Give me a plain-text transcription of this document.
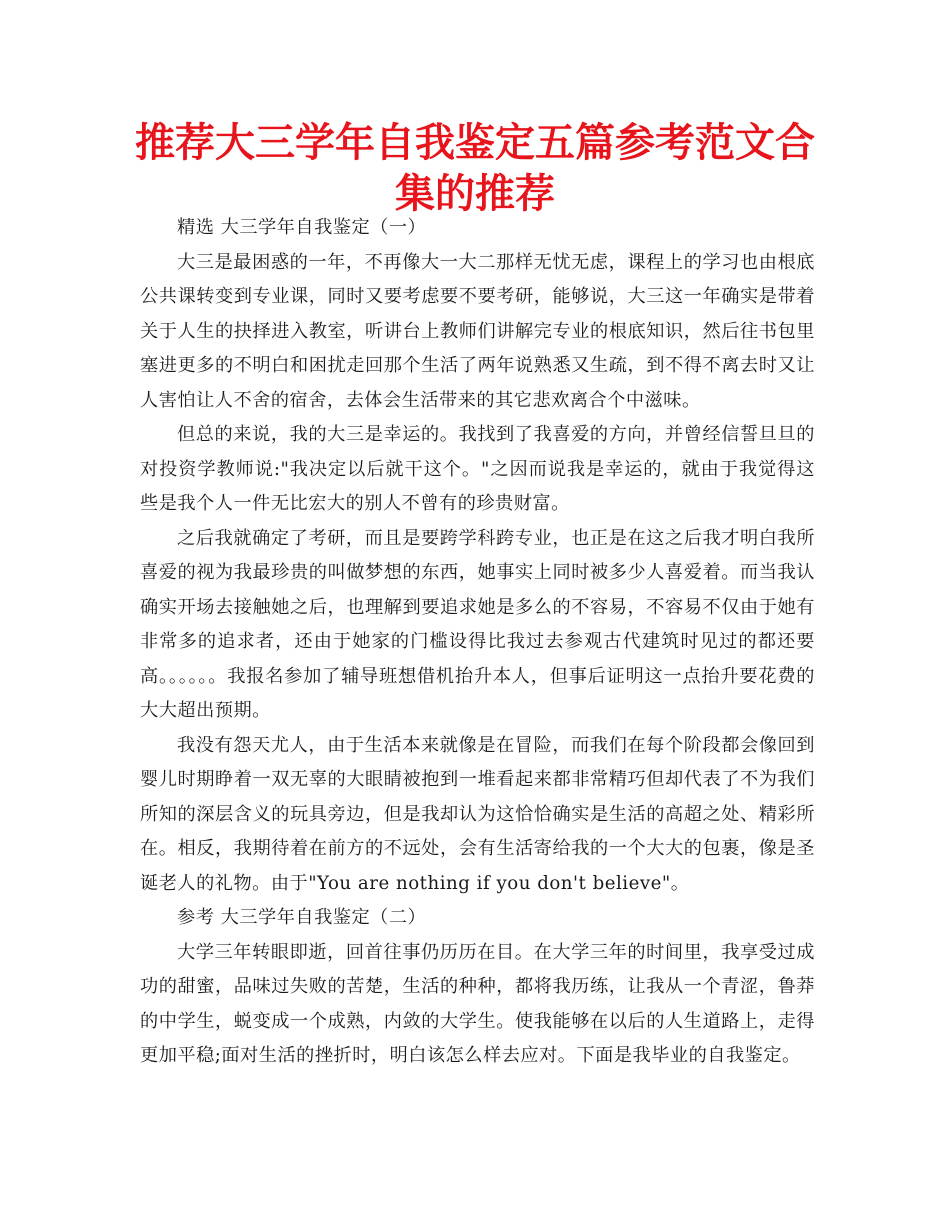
推荐大三学年自我鉴定五篇参考范文合集的推荐

精选 大三学年自我鉴定（一）

大三是最困惑的一年，不再像大一大二那样无忧无虑，课程上的学习也由根底公共课转变到专业课，同时又要考虑要不要考研，能够说，大三这一年确实是带着关于人生的抉择进入教室，听讲台上教师们讲解完专业的根底知识，然后往书包里塞进更多的不明白和困扰走回那个生活了两年说熟悉又生疏，到不得不离去时又让人害怕让人不舍的宿舍，去体会生活带来的其它悲欢离合个中滋味。

但总的来说，我的大三是幸运的。我找到了我喜爱的方向，并曾经信誓旦旦的对投资学教师说:"我决定以后就干这个。"之因而说我是幸运的，就由于我觉得这些是我个人一件无比宏大的别人不曾有的珍贵财富。

之后我就确定了考研，而且是要跨学科跨专业，也正是在这之后我才明白我所喜爱的视为我最珍贵的叫做梦想的东西，她事实上同时被多少人喜爱着。而当我认确实开场去接触她之后，也理解到要追求她是多么的不容易，不容易不仅由于她有非常多的追求者，还由于她家的门槛设得比我过去参观古代建筑时见过的都还要高。。。。。。我报名参加了辅导班想借机抬升本人，但事后证明这一点抬升要花费的大大超出预期。

我没有怨天尤人，由于生活本来就像是在冒险，而我们在每个阶段都会像回到婴儿时期睁着一双无辜的大眼睛被抱到一堆看起来都非常精巧但却代表了不为我们所知的深层含义的玩具旁边，但是我却认为这恰恰确实是生活的高超之处、精彩所在。相反，我期待着在前方的不远处，会有生活寄给我的一个大大的包裹，像是圣诞老人的礼物。由于"You are nothing if you don't believe"。

参考 大三学年自我鉴定（二）

大学三年转眼即逝，回首往事仍历历在目。在大学三年的时间里，我享受过成功的甜蜜，品味过失败的苦楚，生活的种种，都将我历练，让我从一个青涩，鲁莽的中学生，蜕变成一个成熟，内敛的大学生。使我能够在以后的人生道路上，走得更加平稳;面对生活的挫折时，明白该怎么样去应对。下面是我毕业的自我鉴定。
